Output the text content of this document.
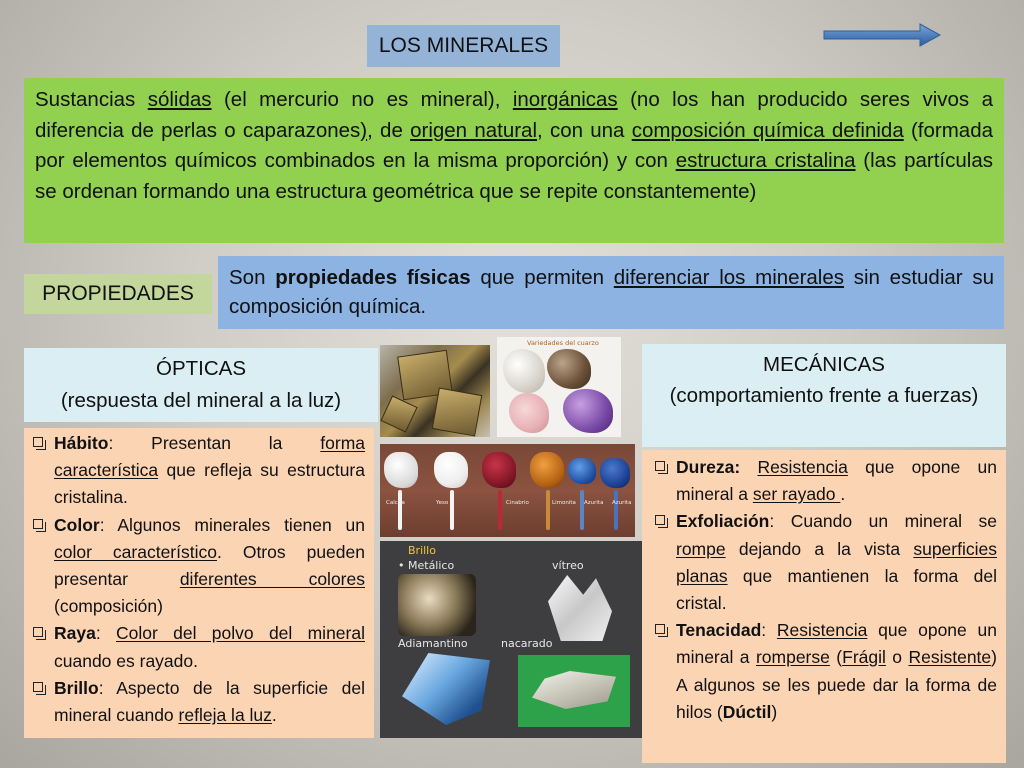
LOS MINERALES
Sustancias sólidas (el mercurio no es mineral), inorgánicas (no los han producido seres vivos a diferencia de perlas o caparazones), de origen natural, con una composición química definida (formada por elementos químicos combinados en la misma proporción) y con estructura cristalina (las partículas se ordenan formando una estructura geométrica que se repite constantemente)
PROPIEDADES
Son propiedades físicas que permiten diferenciar los minerales sin estudiar su composición química.
ÓPTICAS
(respuesta del mineral a la luz)
Hábito: Presentan la forma característica que refleja su estructura cristalina.
Color: Algunos minerales tienen un color característico. Otros pueden presentar diferentes colores (composición)
Raya: Color del polvo del mineral cuando es rayado.
Brillo: Aspecto de la superficie del mineral cuando refleja la luz.
MECÁNICAS
(comportamiento frente a fuerzas)
Dureza: Resistencia que opone un mineral a ser rayado .
Exfoliación: Cuando un mineral se rompe dejando a la vista superficies planas que mantienen la forma del cristal.
Tenacidad: Resistencia que opone un mineral a romperse (Frágil o Resistente) A algunos se les puede dar la forma de hilos (Dúctil)
Variedades del cuarzo
Calcita	Yeso	Cinabrio	Limonita Azurita Azurita
Brillo
• Metálico	vítreo
Adiamantino	nacarado
